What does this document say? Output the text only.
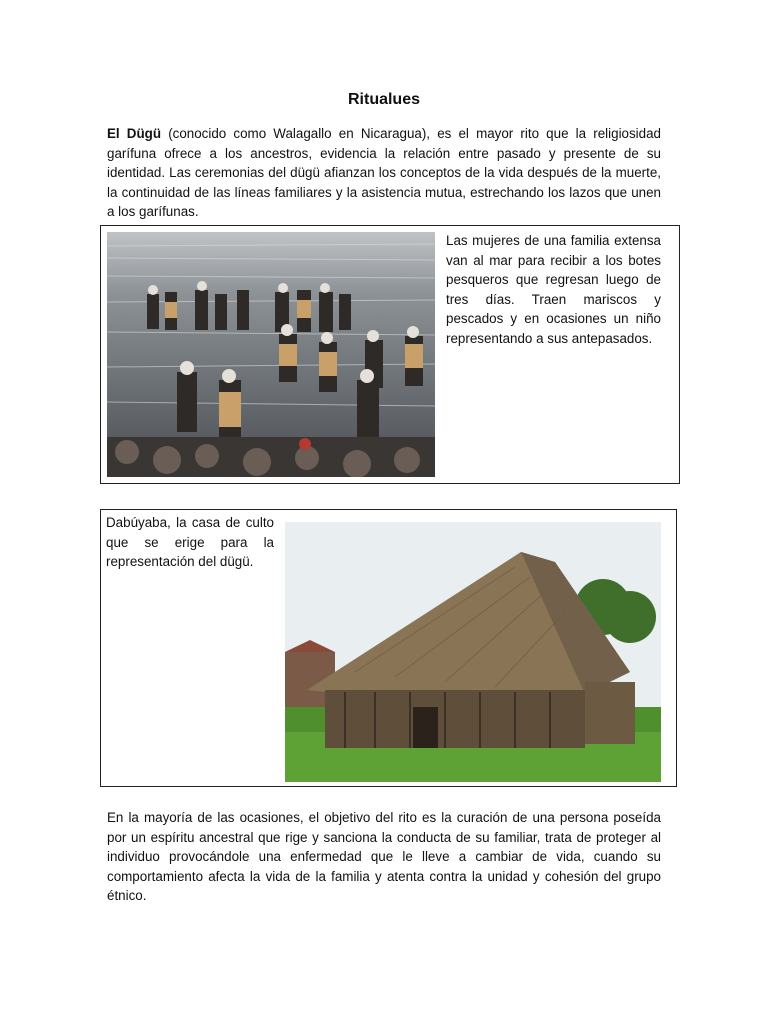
Ritualues

El Dügü (conocido como Walagallo en Nicaragua), es el mayor rito que la religiosidad garífuna ofrece a los ancestros, evidencia la relación entre pasado y presente de su identidad. Las ceremonias del dügü afianzan los conceptos de la vida después de la muerte, la continuidad de las líneas familiares y la asistencia mutua, estrechando los lazos que unen a los garífunas.

Las mujeres de una familia extensa van al mar para recibir a los botes pesqueros que regresan luego de tres días. Traen mariscos y pescados y en ocasiones un niño representando a sus antepasados.

Dabúyaba, la casa de culto que se erige para la representación del dügü.

En la mayoría de las ocasiones, el objetivo del rito es la curación de una persona poseída por un espíritu ancestral que rige y sanciona la conducta de su familiar, trata de proteger al individuo provocándole una enfermedad que le lleve a cambiar de vida, cuando su comportamiento afecta la vida de la familia y atenta contra la unidad y cohesión del grupo étnico.
